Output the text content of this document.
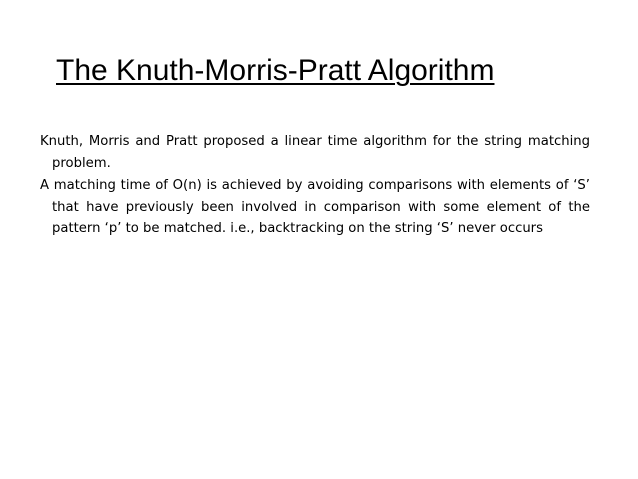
The Knuth-Morris-Pratt Algorithm

Knuth, Morris and Pratt proposed a linear time algorithm for the string matching problem.

A matching time of O(n) is achieved by avoiding comparisons with elements of ‘S’ that have previously been involved in comparison with some element of the pattern ‘p’ to be matched. i.e., backtracking on the string ‘S’ never occurs
